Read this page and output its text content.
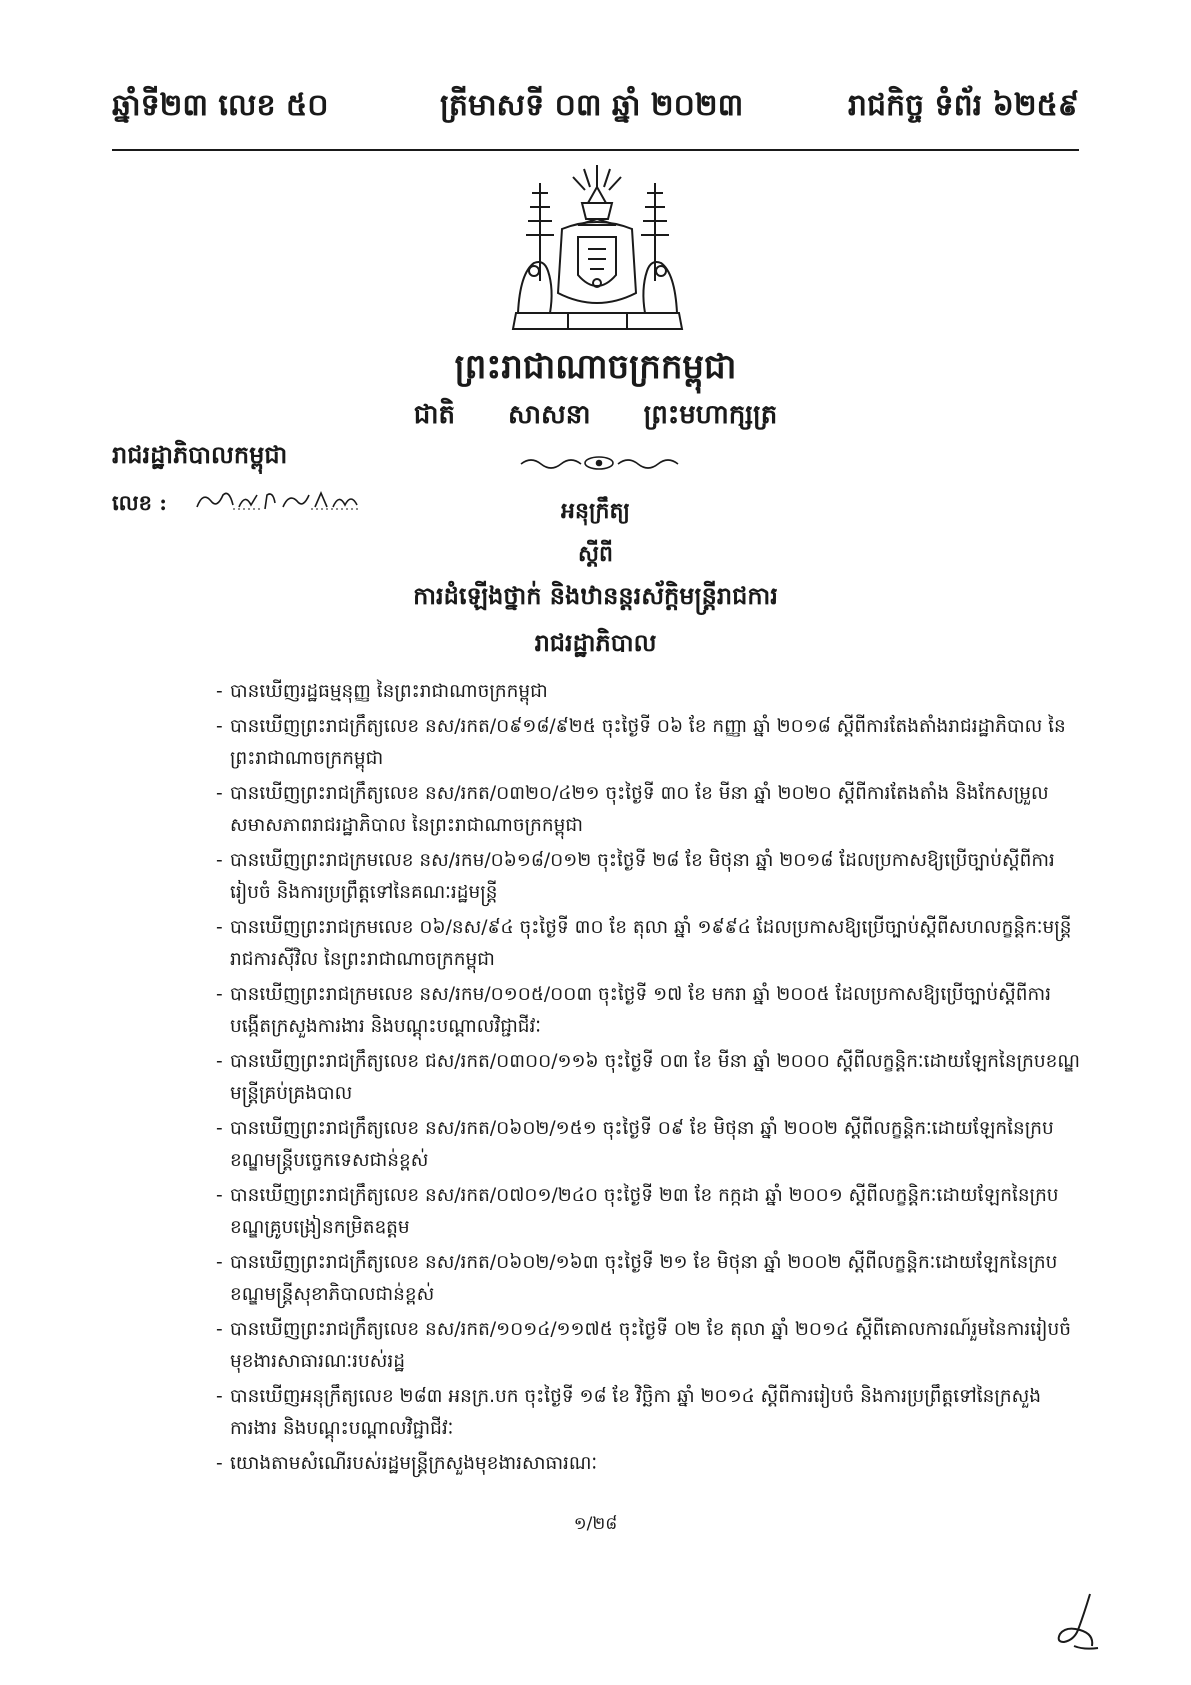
ឆ្នាំទី២៣ លេខ ៥០	ត្រីមាសទី ០៣ ឆ្នាំ ២០២៣	រាជកិច្ច ទំព័រ ៦២៥៩
ព្រះរាជាណាចក្រកម្ពុជា
ជាតិ សាសនា ព្រះមហាក្សត្រ
រាជរដ្ឋាភិបាលកម្ពុជា
លេខ :	អនុក្រឹត្យ
ស្តីពី
ការដំឡើងថ្នាក់ និងឋានន្តរស័ក្តិមន្ត្រីរាជការ
រាជរដ្ឋាភិបាល
- បានឃើញរដ្ឋធម្មនុញ្ញ នៃព្រះរាជាណាចក្រកម្ពុជា
- បានឃើញព្រះរាជក្រឹត្យលេខ នស/រកត/០៩១៨/៩២៥ ចុះថ្ងៃទី ០៦ ខែ កញ្ញា ឆ្នាំ ២០១៨ ស្តីពីការតែងតាំងរាជរដ្ឋាភិបាល នៃព្រះរាជាណាចក្រកម្ពុជា
- បានឃើញព្រះរាជក្រឹត្យលេខ នស/រកត/០៣២០/៤២១ ចុះថ្ងៃទី ៣០ ខែ មីនា ឆ្នាំ ២០២០ ស្តីពីការតែងតាំង និងកែសម្រួលសមាសភាពរាជរដ្ឋាភិបាល នៃព្រះរាជាណាចក្រកម្ពុជា
- បានឃើញព្រះរាជក្រមលេខ នស/រកម/០៦១៨/០១២ ចុះថ្ងៃទី ២៨ ខែ មិថុនា ឆ្នាំ ២០១៨ ដែលប្រកាសឱ្យប្រើច្បាប់ស្តីពីការរៀបចំ និងការប្រព្រឹត្តទៅនៃគណៈរដ្ឋមន្ត្រី
- បានឃើញព្រះរាជក្រមលេខ ០៦/នស/៩៤ ចុះថ្ងៃទី ៣០ ខែ តុលា ឆ្នាំ ១៩៩៤ ដែលប្រកាសឱ្យប្រើច្បាប់ស្តីពីសហលក្ខន្តិកៈមន្ត្រីរាជការស៊ីវិល នៃព្រះរាជាណាចក្រកម្ពុជា
- បានឃើញព្រះរាជក្រមលេខ នស/រកម/០១០៥/០០៣ ចុះថ្ងៃទី ១៧ ខែ មករា ឆ្នាំ ២០០៥ ដែលប្រកាសឱ្យប្រើច្បាប់ស្តីពីការបង្កើតក្រសួងការងារ និងបណ្តុះបណ្តាលវិជ្ជាជីវៈ
- បានឃើញព្រះរាជក្រឹត្យលេខ ជស/រកត/០៣០០/១១៦ ចុះថ្ងៃទី ០៣ ខែ មីនា ឆ្នាំ ២០០០ ស្តីពីលក្ខន្តិកៈដោយឡែកនៃក្របខណ្ឌមន្ត្រីគ្រប់គ្រងបាល
- បានឃើញព្រះរាជក្រឹត្យលេខ នស/រកត/០៦០២/១៥១ ចុះថ្ងៃទី ០៩ ខែ មិថុនា ឆ្នាំ ២០០២ ស្តីពីលក្ខន្តិកៈដោយឡែកនៃក្របខណ្ឌមន្ត្រីបច្ចេកទេសជាន់ខ្ពស់
- បានឃើញព្រះរាជក្រឹត្យលេខ នស/រកត/០៧០១/២៤០ ចុះថ្ងៃទី ២៣ ខែ កក្កដា ឆ្នាំ ២០០១ ស្តីពីលក្ខន្តិកៈដោយឡែកនៃក្របខណ្ឌគ្រូបង្រៀនកម្រិតឧត្តម
- បានឃើញព្រះរាជក្រឹត្យលេខ នស/រកត/០៦០២/១៦៣ ចុះថ្ងៃទី ២១ ខែ មិថុនា ឆ្នាំ ២០០២ ស្តីពីលក្ខន្តិកៈដោយឡែកនៃក្របខណ្ឌមន្ត្រីសុខាភិបាលជាន់ខ្ពស់
- បានឃើញព្រះរាជក្រឹត្យលេខ នស/រកត/១០១៤/១១៧៥ ចុះថ្ងៃទី ០២ ខែ តុលា ឆ្នាំ ២០១៤ ស្តីពីគោលការណ៍រួមនៃការរៀបចំមុខងារសាធារណៈរបស់រដ្ឋ
- បានឃើញអនុក្រឹត្យលេខ ២៨៣ អនក្រ.បក ចុះថ្ងៃទី ១៨ ខែ វិច្ឆិកា ឆ្នាំ ២០១៤ ស្តីពីការរៀបចំ និងការប្រព្រឹត្តទៅនៃក្រសួងការងារ និងបណ្តុះបណ្តាលវិជ្ជាជីវៈ
- យោងតាមសំណើរបស់រដ្ឋមន្ត្រីក្រសួងមុខងារសាធារណៈ
១/២៨
